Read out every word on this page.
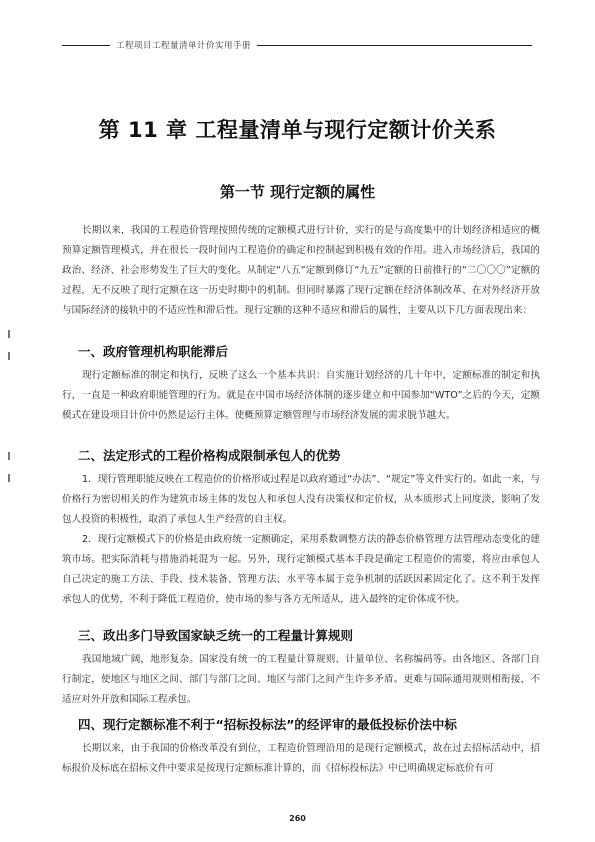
工程项目工程量清单计价实用手册
第 11 章 工程量清单与现行定额计价关系
第一节 现行定额的属性

长期以来，我国的工程造价管理按照传统的定额模式进行计价，实行的是与高度集中的计划经济相适应的概预算定额管理模式，并在很长一段时间内工程造价的确定和控制起到积极有效的作用。进入市场经济后，我国的政治、经济、社会形势发生了巨大的变化。从制定“八五”定额到修订“九五”定额的日前推行的“二〇〇〇”定额的过程，无不反映了现行定额在这一历史时期中的机制。但同时暴露了现行定额在经济体制改革、在对外经济开放与国际经济的接轨中的不适应性和滞后性。现行定额的这种不适应和滞后的属性，主要从以下几方面表现出来：

一、政府管理机构职能滞后

现行定额标准的制定和执行，反映了这么一个基本共识：自实施计划经济的几十年中，定额标准的制定和执行，一直是一种政府职能管理的行为。就是在中国市场经济体制的逐步建立和中国参加“WTO”之后的今天，定额模式在建设项目计价中仍然是运行主体。使概预算定额管理与市场经济发展的需求脱节越大。

二、法定形式的工程价格构成限制承包人的优势

1．现行管理职能反映在工程造价的价格形成过程是以政府通过“办法”、“规定”等文件实行的。如此一来，与价格行为密切相关的作为建筑市场主体的发包人和承包人没有决策权和定价权，从本质形式上同度淡，影响了发包人投资的积极性，取消了承包人生产经营的自主权。

2．现行定额模式下的价格是由政府统一定额确定，采用系数调整方法的静态价格管理方法管理动态变化的建筑市场。把实际消耗与措施消耗混为一起。另外，现行定额模式基本手段是确定工程造价的需要，将应由承包人自己决定的施工方法、手段、技术装备、管理方法、水平等本属于竞争机制的活跃因素固定化了。这不利于发挥承包人的优势，不利于降低工程造价，使市场的参与各方无所适从，进入最终的定价体成不快。

三、政出多门导致国家缺乏统一的工程量计算规则

我国地域广阔，地形复杂。国家没有统一的工程量计算规则、计量单位、名称编码等。由各地区、各部门自行制定，使地区与地区之间、部门与部门之间、地区与部门之间产生许多矛盾。更难与国际通用规则相衔接，不适应对外开放和国际工程承包。

四、现行定额标准不利于“招标投标法”的经评审的最低投标价法中标

长期以来，由于我国的价格改革没有到位，工程造价管理沿用的是现行定额模式，故在过去招标活动中，招标报价及标底在招标文件中要求是按现行定额标准计算的，而《招标投标法》中已明确规定标底价有可

260
